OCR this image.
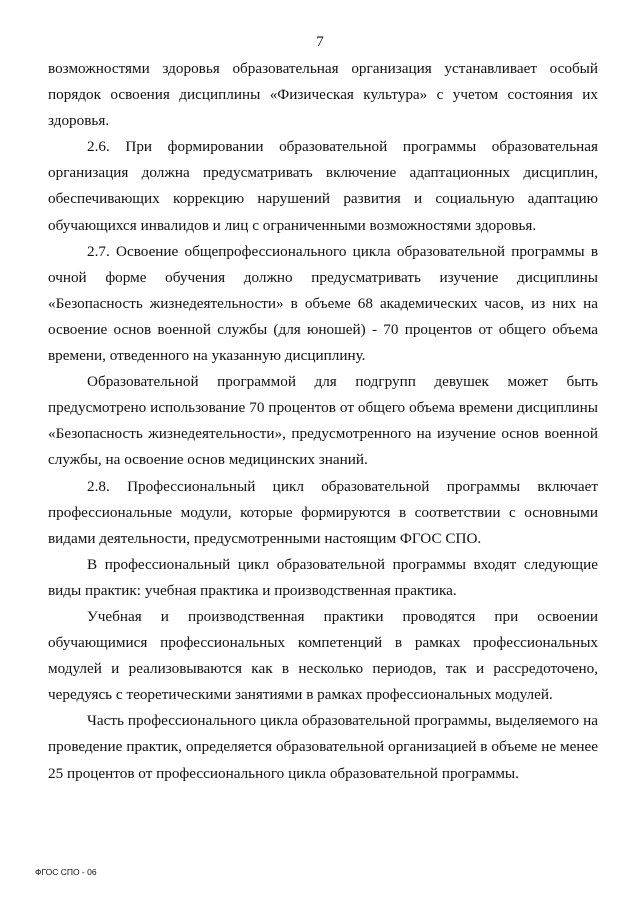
7

возможностями здоровья образовательная организация устанавливает особый порядок освоения дисциплины «Физическая культура» с учетом состояния их здоровья.

2.6. При формировании образовательной программы образовательная организация должна предусматривать включение адаптационных дисциплин, обеспечивающих коррекцию нарушений развития и социальную адаптацию обучающихся инвалидов и лиц с ограниченными возможностями здоровья.

2.7. Освоение общепрофессионального цикла образовательной программы в очной форме обучения должно предусматривать изучение дисциплины «Безопасность жизнедеятельности» в объеме 68 академических часов, из них на освоение основ военной службы (для юношей) - 70 процентов от общего объема времени, отведенного на указанную дисциплину.

Образовательной программой для подгрупп девушек может быть предусмотрено использование 70 процентов от общего объема времени дисциплины «Безопасность жизнедеятельности», предусмотренного на изучение основ военной службы, на освоение основ медицинских знаний.

2.8. Профессиональный цикл образовательной программы включает профессиональные модули, которые формируются в соответствии с основными видами деятельности, предусмотренными настоящим ФГОС СПО.

В профессиональный цикл образовательной программы входят следующие виды практик: учебная практика и производственная практика.

Учебная и производственная практики проводятся при освоении обучающимися профессиональных компетенций в рамках профессиональных модулей и реализовываются как в несколько периодов, так и рассредоточено, чередуясь с теоретическими занятиями в рамках профессиональных модулей.

Часть профессионального цикла образовательной программы, выделяемого на проведение практик, определяется образовательной организацией в объеме не менее 25 процентов от профессионального цикла образовательной программы.

ФГОС СПО - 06
